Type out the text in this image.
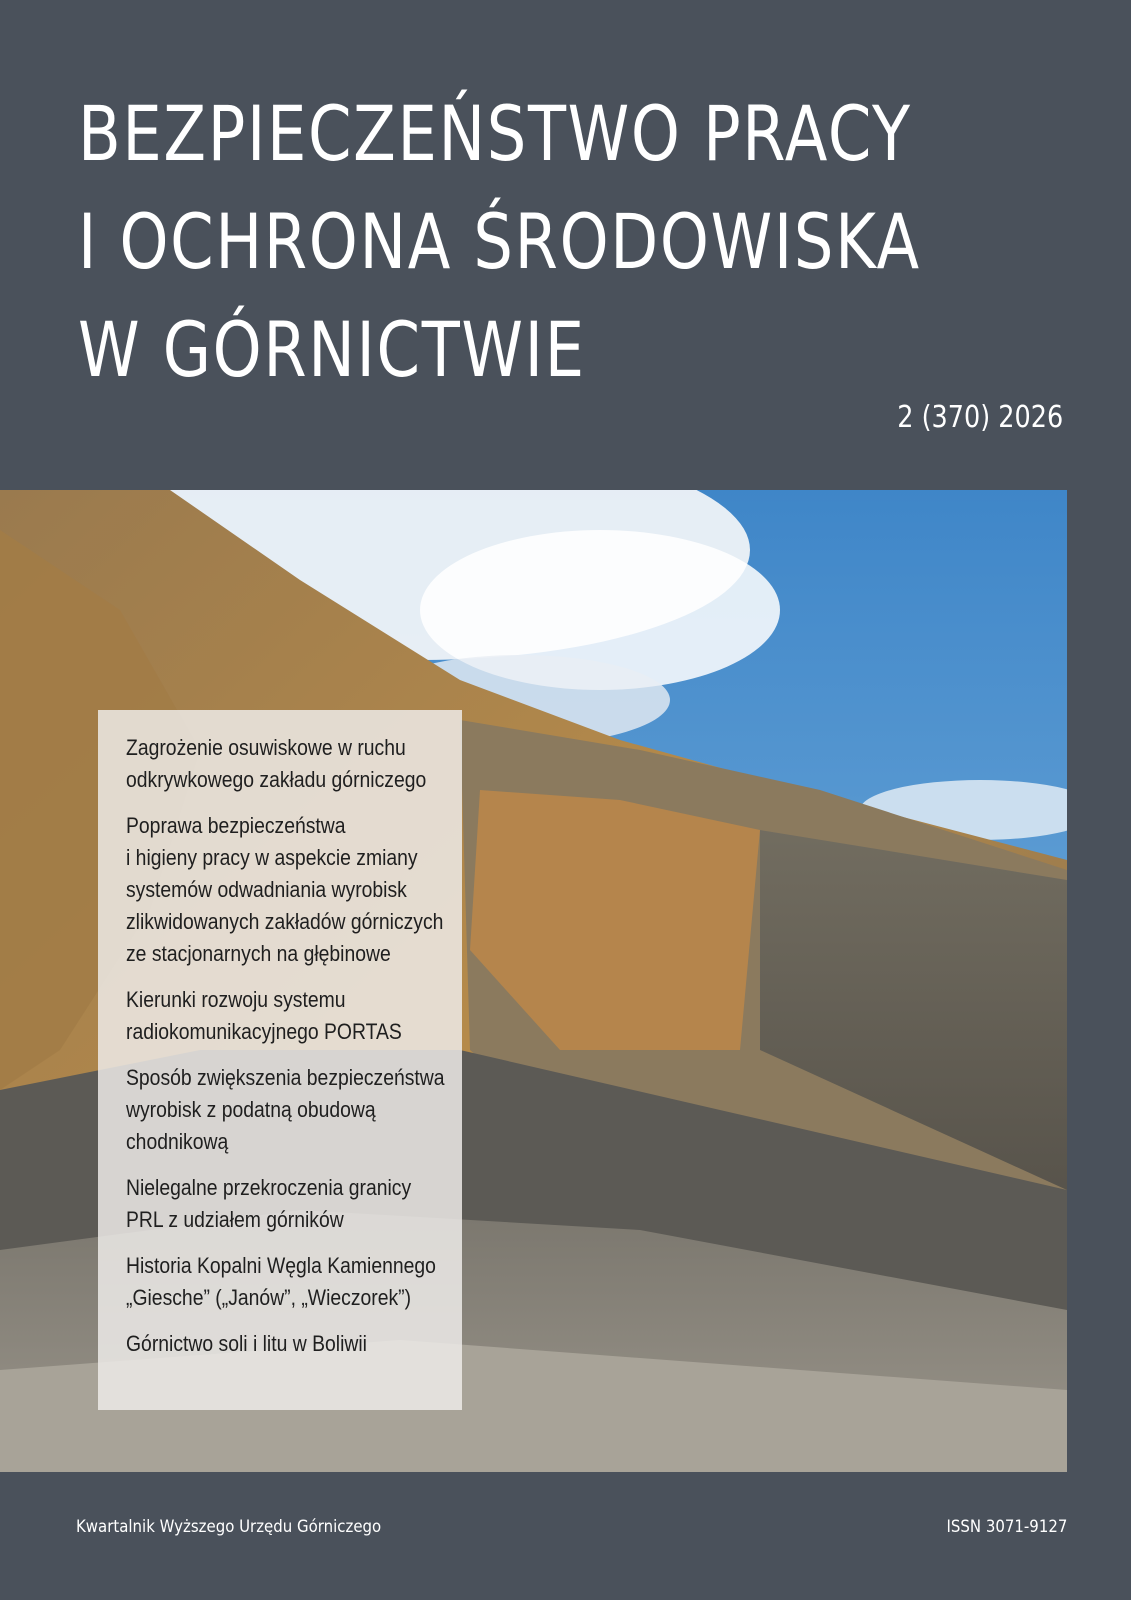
BEZPIECZEŃSTWO PRACY
I OCHRONA ŚRODOWISKA
W GÓRNICTWIE
2 (370) 2026
Zagrożenie osuwiskowe w ruchu
odkrywkowego zakładu górniczego
Poprawa bezpieczeństwa
i higieny pracy w aspekcie zmiany
systemów odwadniania wyrobisk
zlikwidowanych zakładów górniczych
ze stacjonarnych na głębinowe
Kierunki rozwoju systemu
radiokomunikacyjnego PORTAS
Sposób zwiększenia bezpieczeństwa
wyrobisk z podatną obudową
chodnikową
Nielegalne przekroczenia granicy
PRL z udziałem górników
Historia Kopalni Węgla Kamiennego
„Giesche” („Janów”, „Wieczorek”)
Górnictwo soli i litu w Boliwii
Kwartalnik Wyższego Urzędu Górniczego	ISSN 3071-9127
